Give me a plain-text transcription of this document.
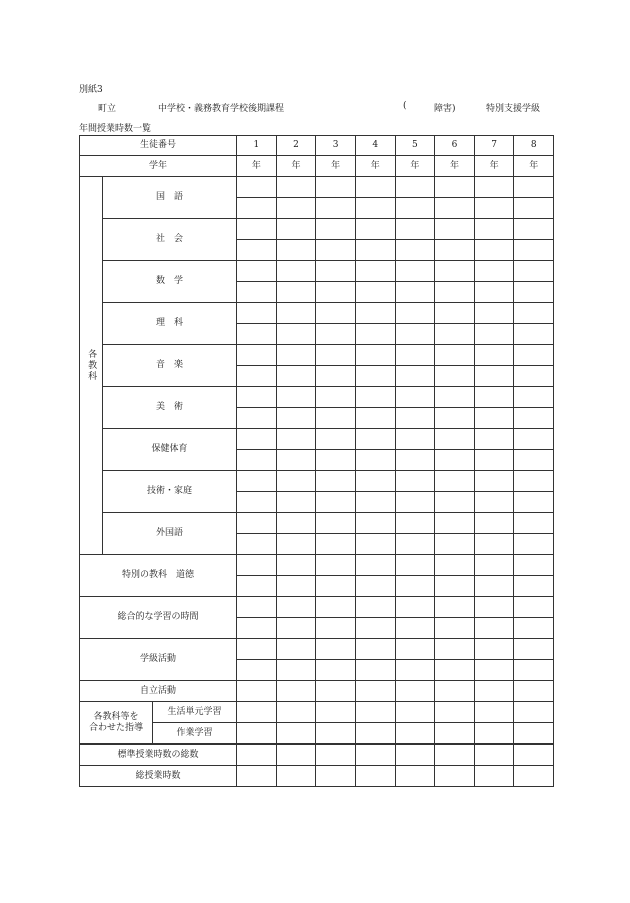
別紙3
町立	中学校・義務教育学校後期課程	(	障害)	特別支援学級
年間授業時数一覧
生徒番号			1	2	3	4	5	6	7	8
学年			年	年	年	年	年	年	年	年
各教科	国　語									

	社　会									

	数　学									

	理　科									

	音　楽									

	美　術									

	保健体育									

	技術・家庭									

	外国語									

特別の教科　道徳										

総合的な学習の時間										

学級活動										

自立活動										

各教科等を
合わせた指導		生活単元学習								
		作業学習								
標準授業時数の総数										
総授業時数										
